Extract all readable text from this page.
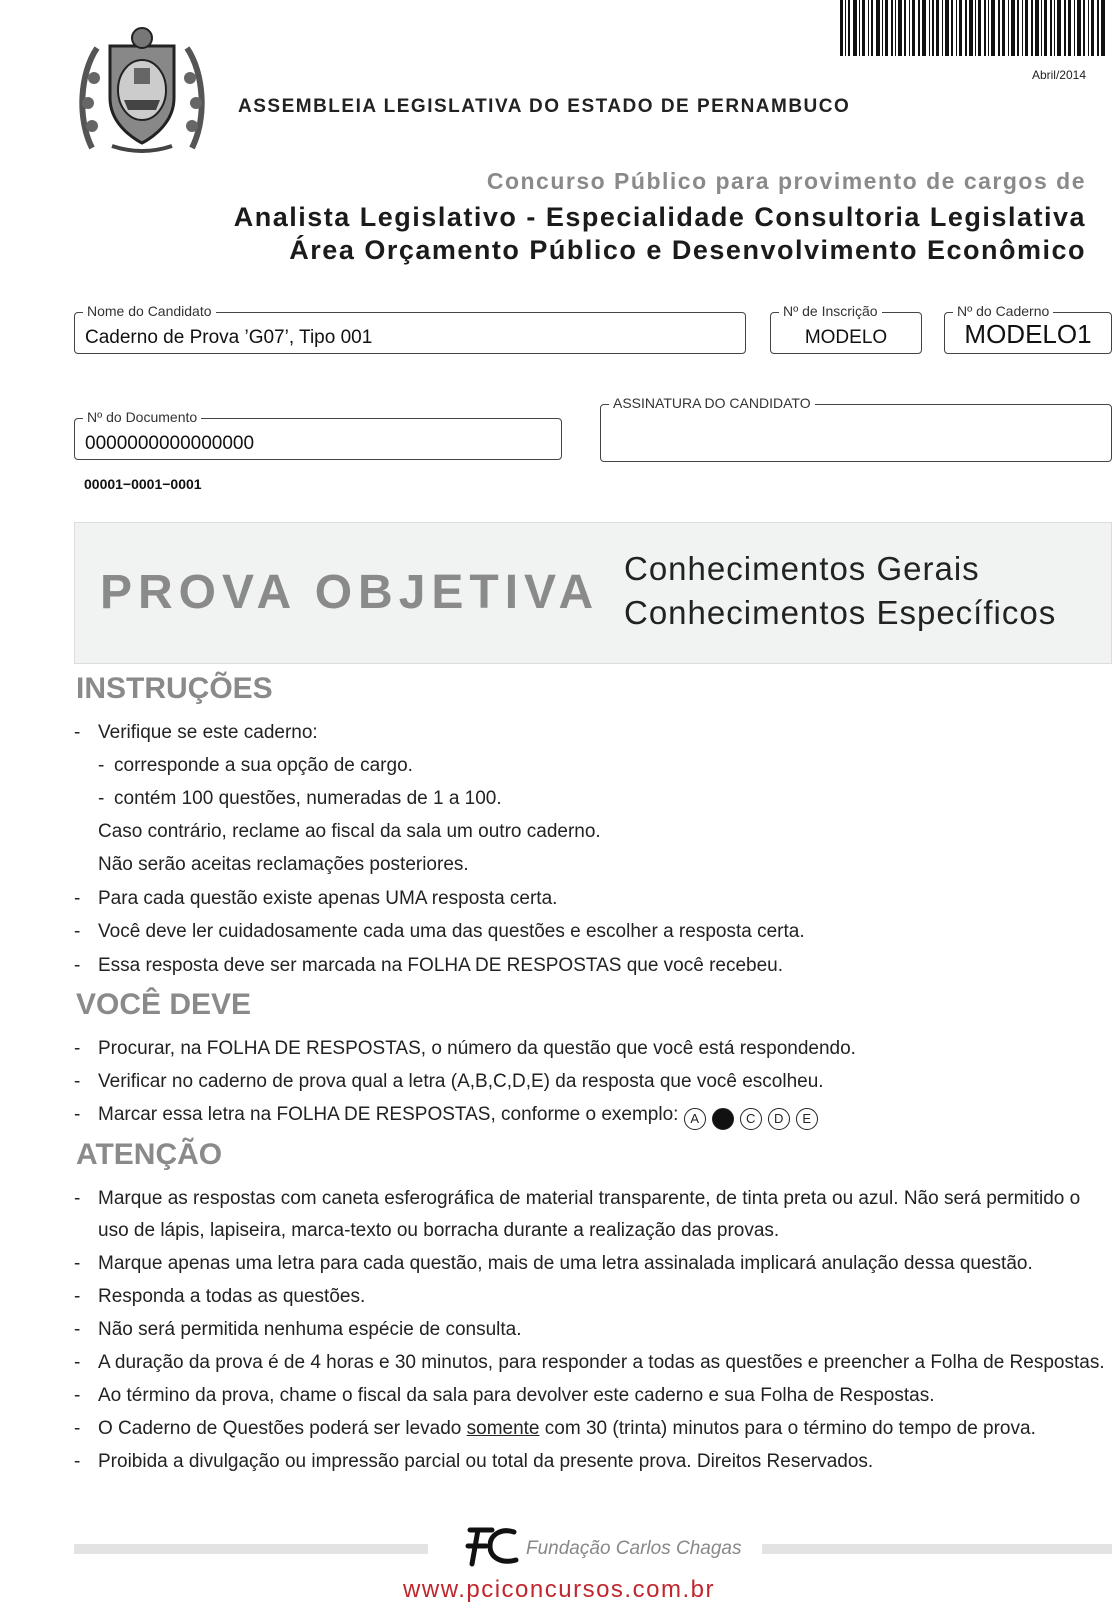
Abril/2014
ASSEMBLEIA LEGISLATIVA DO ESTADO DE PERNAMBUCO
Concurso Público para provimento de cargos de
Analista Legislativo - Especialidade Consultoria Legislativa
Área Orçamento Público e Desenvolvimento Econômico
Nome do Candidato
Caderno de Prova ’G07’, Tipo 001
Nº de Inscrição
MODELO
Nº do Caderno
MODELO1
Nº do Documento
0000000000000000
ASSINATURA DO CANDIDATO
00001−0001−0001
PROVA OBJETIVA Conhecimentos Gerais
Conhecimentos Específicos
INSTRUÇÕES
- Verifique se este caderno:
- corresponde a sua opção de cargo.
- contém 100 questões, numeradas de 1 a 100.
Caso contrário, reclame ao fiscal da sala um outro caderno.
Não serão aceitas reclamações posteriores.
- Para cada questão existe apenas UMA resposta certa.
- Você deve ler cuidadosamente cada uma das questões e escolher a resposta certa.
- Essa resposta deve ser marcada na FOLHA DE RESPOSTAS que você recebeu.
VOCÊ DEVE
- Procurar, na FOLHA DE RESPOSTAS, o número da questão que você está respondendo.
- Verificar no caderno de prova qual a letra (A,B,C,D,E) da resposta que você escolheu.
- Marcar essa letra na FOLHA DE RESPOSTAS, conforme o exemplo: A B C D E
ATENÇÃO
- Marque as respostas com caneta esferográfica de material transparente, de tinta preta ou azul. Não será permitido o
uso de lápis, lapiseira, marca-texto ou borracha durante a realização das provas.
- Marque apenas uma letra para cada questão, mais de uma letra assinalada implicará anulação dessa questão.
- Responda a todas as questões.
- Não será permitida nenhuma espécie de consulta.
- A duração da prova é de 4 horas e 30 minutos, para responder a todas as questões e preencher a Folha de Respostas.
- Ao término da prova, chame o fiscal da sala para devolver este caderno e sua Folha de Respostas.
- O Caderno de Questões poderá ser levado somente com 30 (trinta) minutos para o término do tempo de prova.
- Proibida a divulgação ou impressão parcial ou total da presente prova. Direitos Reservados.
Fundação Carlos Chagas
www.pciconcursos.com.br
